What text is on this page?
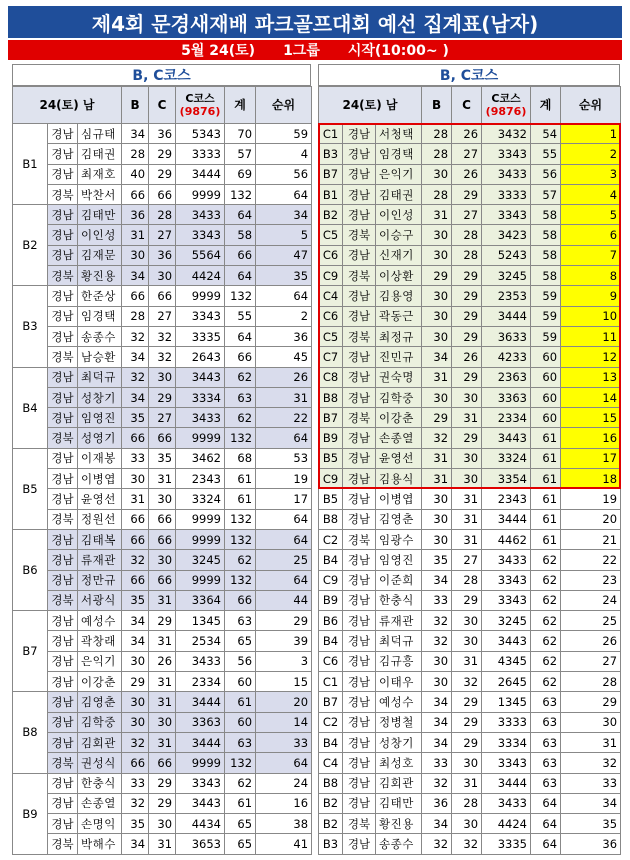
제4회 문경새재배 파크골프대회 예선 집계표(남자)
5월 24(토) 1그룹 시작(10:00~ )
B, C코스
24(토) 남			B	C	C코스
(9876)	계	순위
B1	경남	심규태	34	36	5343	70	59
	경남	김태권	28	29	3333	57	4
	경남	최재호	40	29	3444	69	56
	경북	박찬서	66	66	9999	132	64
B2	경남	김태만	36	28	3433	64	34
	경남	이인성	31	27	3343	58	5
	경남	김재문	30	36	5564	66	47
	경북	황진용	34	30	4424	64	35
B3	경남	한준상	66	66	9999	132	64
	경남	임경택	28	27	3343	55	2
	경남	송종수	32	32	3335	64	36
	경북	남승환	34	32	2643	66	45
B4	경남	최덕규	32	30	3443	62	26
	경남	성창기	34	29	3334	63	31
	경남	임영진	35	27	3433	62	22
	경북	성영기	66	66	9999	132	64
B5	경남	이재봉	33	35	3462	68	53
	경남	이병엽	30	31	2343	61	19
	경남	윤영선	31	30	3324	61	17
	경북	정원선	66	66	9999	132	64
B6	경남	김태복	66	66	9999	132	64
	경남	류재관	32	30	3245	62	25
	경남	정만규	66	66	9999	132	64
	경북	서광식	35	31	3364	66	44
B7	경남	예성수	34	29	1345	63	29
	경남	곽창래	34	31	2534	65	39
	경남	은익기	30	26	3433	56	3
	경남	이강춘	29	31	2334	60	15
B8	경남	김영춘	30	31	3444	61	20
	경남	김학중	30	30	3363	60	14
	경남	김회관	32	31	3444	63	33
	경북	권성식	66	66	9999	132	64
B9	경남	한충식	33	29	3343	62	24
	경남	손종열	32	29	3443	61	16
	경남	손명익	35	30	4434	65	38
	경북	박해수	34	31	3653	65	41
B, C코스
24(토) 남			B	C	C코스
(9876)	계	순위
C1	경남	서청택	28	26	3432	54	1
B3	경남	임경택	28	27	3343	55	2
B7	경남	은익기	30	26	3433	56	3
B1	경남	김태권	28	29	3333	57	4
B2	경남	이인성	31	27	3343	58	5
C5	경북	이승구	30	28	3423	58	6
C6	경남	신재기	30	28	5243	58	7
C9	경북	이상환	29	29	3245	58	8
C4	경남	김용영	30	29	2353	59	9
C6	경남	곽동근	30	29	3444	59	10
C5	경북	최정규	30	29	3633	59	11
C7	경남	진민규	34	26	4233	60	12
C8	경남	권숙명	31	29	2363	60	13
B8	경남	김학중	30	30	3363	60	14
B7	경북	이강춘	29	31	2334	60	15
B9	경남	손종열	32	29	3443	61	16
B5	경남	윤영선	31	30	3324	61	17
C9	경남	김용식	31	30	3354	61	18
B5	경남	이병엽	30	31	2343	61	19
B8	경남	김영춘	30	31	3444	61	20
C2	경북	임광수	30	31	4462	61	21
B4	경남	임영진	35	27	3433	62	22
C9	경남	이준희	34	28	3343	62	23
B9	경남	한충식	33	29	3343	62	24
B6	경남	류재관	32	30	3245	62	25
B4	경남	최덕규	32	30	3443	62	26
C6	경남	김규흥	30	31	4345	62	27
C1	경남	이태우	30	32	2645	62	28
B7	경남	예성수	34	29	1345	63	29
C2	경남	정병철	34	29	3333	63	30
B4	경남	성창기	34	29	3334	63	31
C4	경남	최성호	33	30	3343	63	32
B8	경남	김회관	32	31	3444	63	33
B2	경남	김태만	36	28	3433	64	34
B2	경북	황진용	34	30	4424	64	35
B3	경남	송종수	32	32	3335	64	36
